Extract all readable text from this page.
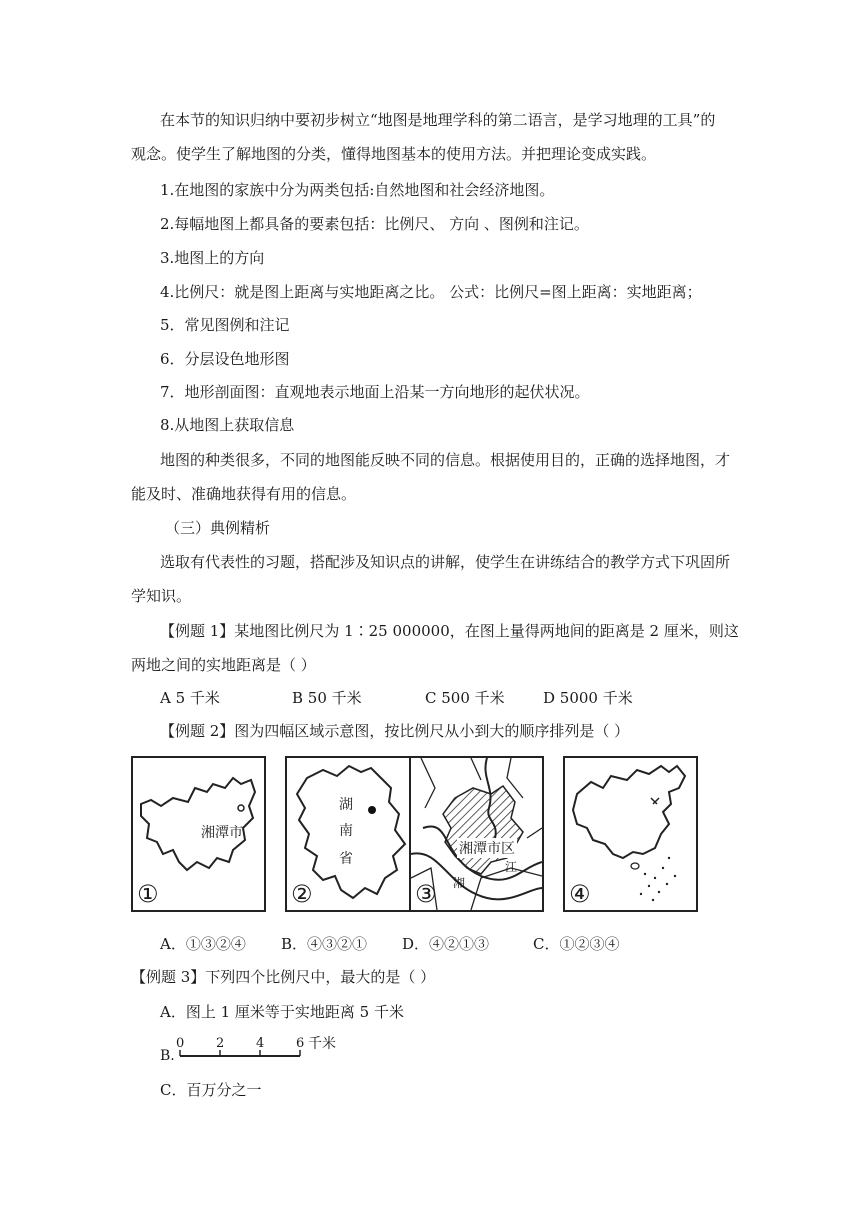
在本节的知识归纳中要初步树立“地图是地理学科的第二语言，是学习地理的工具”的
观念。使学生了解地图的分类，懂得地图基本的使用方法。并把理论变成实践。
1.在地图的家族中分为两类包括:自然地图和社会经济地图。
2.每幅地图上都具备的要素包括：比例尺、 方向 、图例和注记。
3.地图上的方向
4.比例尺：就是图上距离与实地距离之比。 公式：比例尺=图上距离：实地距离；
5．常见图例和注记
6．分层设色地形图
7．地形剖面图：直观地表示地面上沿某一方向地形的起伏状况。
8.从地图上获取信息
地图的种类很多，不同的地图能反映不同的信息。根据使用目的，正确的选择地图，才
能及时、准确地获得有用的信息。
（三）典例精析
选取有代表性的习题，搭配涉及知识点的讲解，使学生在讲练结合的教学方式下巩固所
学知识。
【例题 1】某地图比例尺为 1∶25 000000，在图上量得两地间的距离是 2 厘米，则这
两地之间的实地距离是（ ）
A 5 千米	B 50 千米	C 500 千米	D 5000 千米
【例题 2】图为四幅区域示意图，按比例尺从小到大的顺序排列是（ ）
湘潭市
①
湖
南
省
②
湘潭市区
江
湘
③	④
A．①③②④ B．④③②① D．④②①③	C．①②③④
【例题 3】下列四个比例尺中，最大的是（ ）
A．图上 1 厘米等于实地距离 5 千米
B.
0 2 4 6 千米
C．百万分之一
